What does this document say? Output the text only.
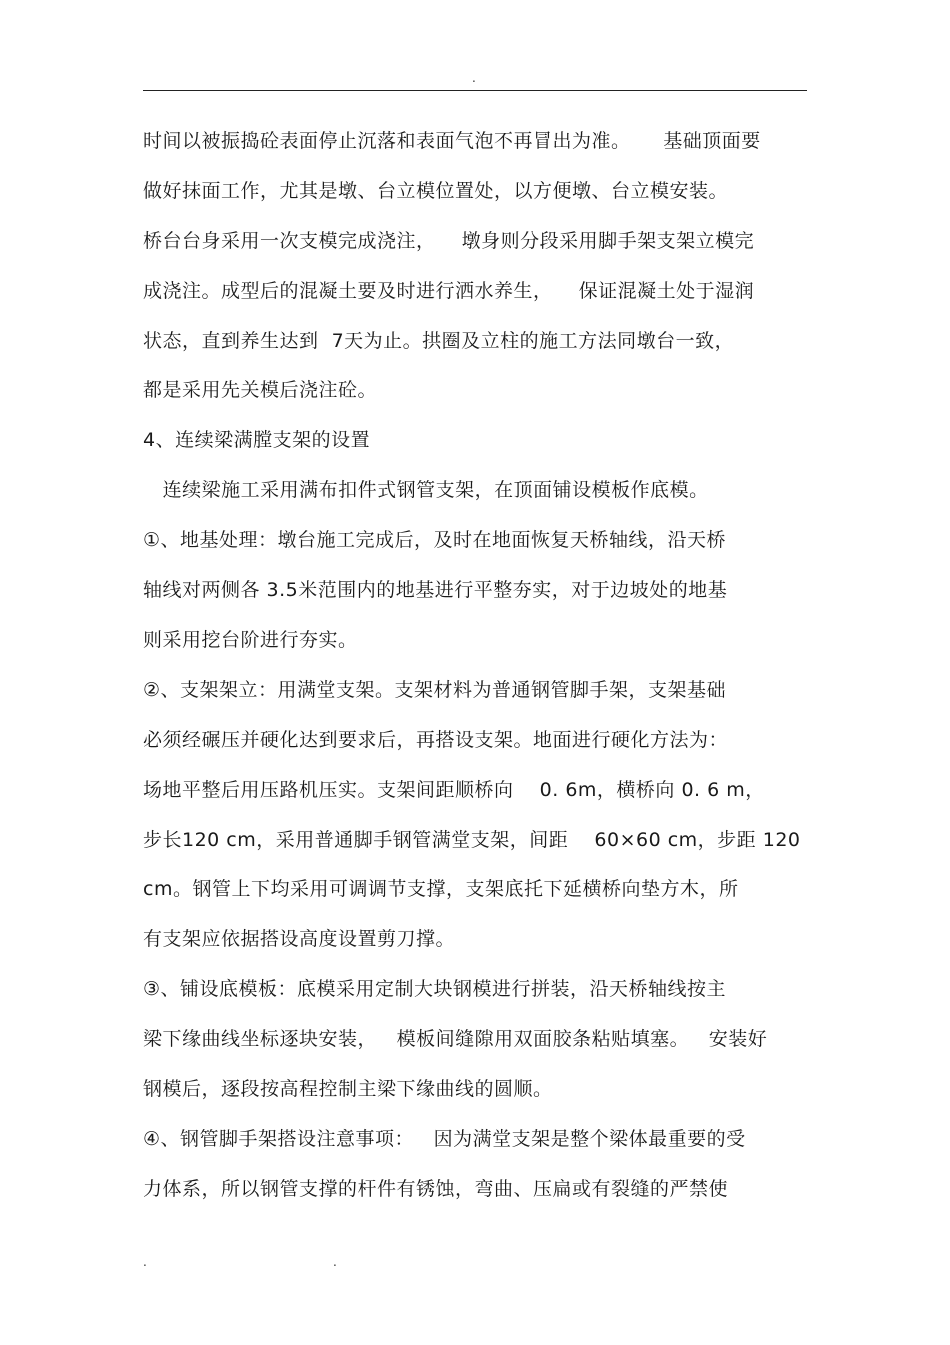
.
时间以被振捣砼表面停止沉落和表面气泡不再冒出为准。     基础顶面要
做好抹面工作，尤其是墩、台立模位置处，以方便墩、台立模安装。
桥台台身采用一次支模完成浇注，    墩身则分段采用脚手架支架立模完
成浇注。成型后的混凝土要及时进行洒水养生，    保证混凝土处于湿润
状态，直到养生达到  7天为止。拱圈及立柱的施工方法同墩台一致，
都是采用先关模后浇注砼。
4、连续梁满膛支架的设置
连续梁施工采用满布扣件式钢管支架，在顶面铺设模板作底模。
①、地基处理：墩台施工完成后，及时在地面恢复天桥轴线，沿天桥
轴线对两侧各 3.5米范围内的地基进行平整夯实，对于边坡处的地基
则采用挖台阶进行夯实。
②、支架架立：用满堂支架。支架材料为普通钢管脚手架，支架基础
必须经碾压并硬化达到要求后，再搭设支架。地面进行硬化方法为：
场地平整后用压路机压实。支架间距顺桥向    0. 6m，横桥向 0. 6 m，
步长120 cm，采用普通脚手钢管满堂支架，间距    60×60 cm，步距 120
cm。钢管上下均采用可调调节支撑，支架底托下延横桥向垫方木，所
有支架应依据搭设高度设置剪刀撑。
③、铺设底模板：底模采用定制大块钢模进行拼装，沿天桥轴线按主
梁下缘曲线坐标逐块安装，   模板间缝隙用双面胶条粘贴填塞。   安装好
钢模后，逐段按高程控制主梁下缘曲线的圆顺。
④、钢管脚手架搭设注意事项：   因为满堂支架是整个梁体最重要的受
力体系，所以钢管支撑的杆件有锈蚀，弯曲、压扁或有裂缝的严禁使
.	.
